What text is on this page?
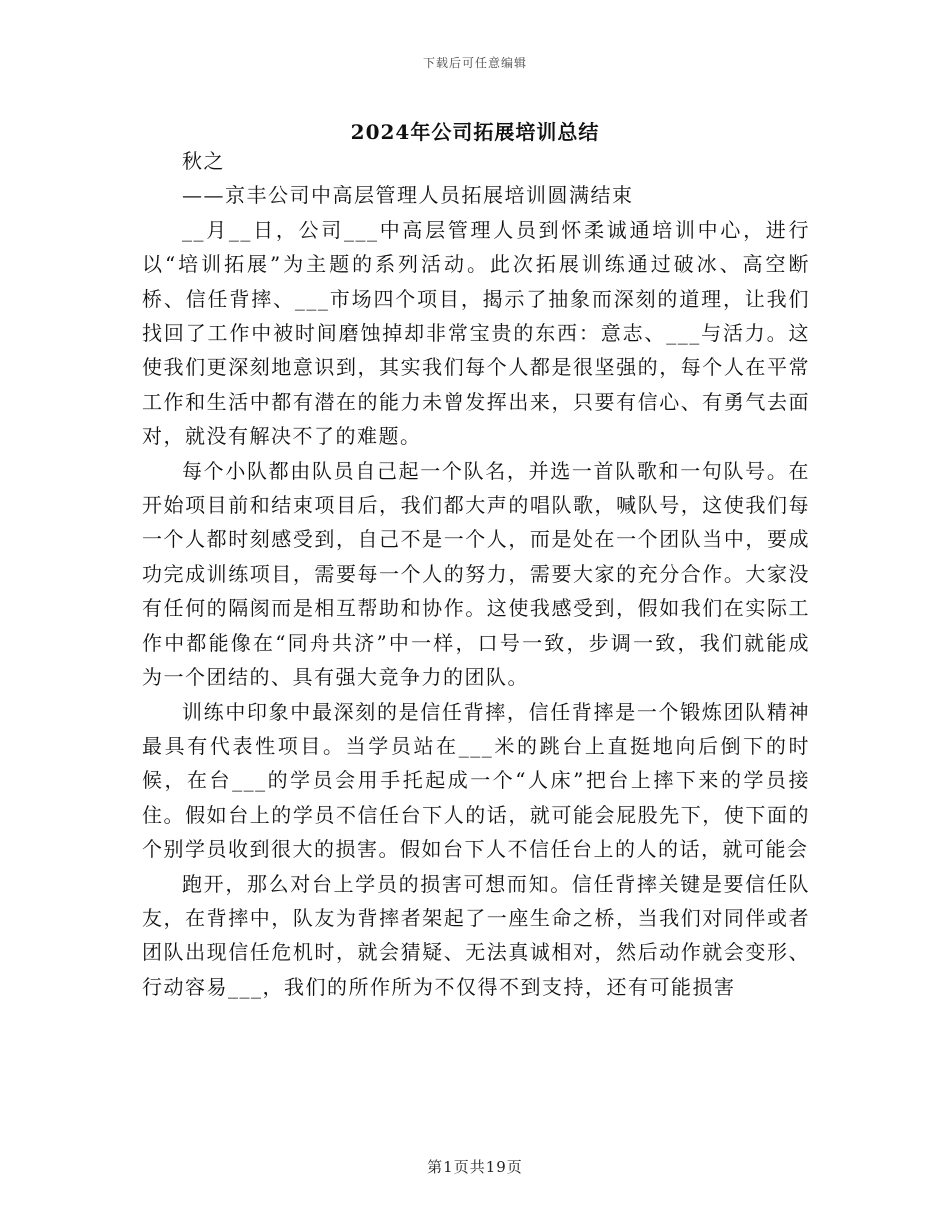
下载后可任意编辑
2024年公司拓展培训总结

秋之

——京丰公司中高层管理人员拓展培训圆满结束

__月__日，公司___中高层管理人员到怀柔诚通培训中心，进行以“培训拓展”为主题的系列活动。此次拓展训练通过破冰、高空断桥、信任背摔、___市场四个项目，揭示了抽象而深刻的道理，让我们找回了工作中被时间磨蚀掉却非常宝贵的东西：意志、___与活力。这使我们更深刻地意识到，其实我们每个人都是很坚强的，每个人在平常工作和生活中都有潜在的能力未曾发挥出来，只要有信心、有勇气去面对，就没有解决不了的难题。

每个小队都由队员自己起一个队名，并选一首队歌和一句队号。在开始项目前和结束项目后，我们都大声的唱队歌，喊队号，这使我们每一个人都时刻感受到，自己不是一个人，而是处在一个团队当中，要成功完成训练项目，需要每一个人的努力，需要大家的充分合作。大家没有任何的隔阂而是相互帮助和协作。这使我感受到，假如我们在实际工作中都能像在“同舟共济”中一样，口号一致，步调一致，我们就能成为一个团结的、具有强大竞争力的团队。

训练中印象中最深刻的是信任背摔，信任背摔是一个锻炼团队精神最具有代表性项目。当学员站在___米的跳台上直挺地向后倒下的时候，在台___的学员会用手托起成一个“人床”把台上摔下来的学员接住。假如台上的学员不信任台下人的话，就可能会屁股先下，使下面的个别学员收到很大的损害。假如台下人不信任台上的人的话，就可能会

跑开，那么对台上学员的损害可想而知。信任背摔关键是要信任队友，在背摔中，队友为背摔者架起了一座生命之桥，当我们对同伴或者团队出现信任危机时，就会猜疑、无法真诚相对，然后动作就会变形、行动容易___，我们的所作所为不仅得不到支持，还有可能损害

第1页共19页
